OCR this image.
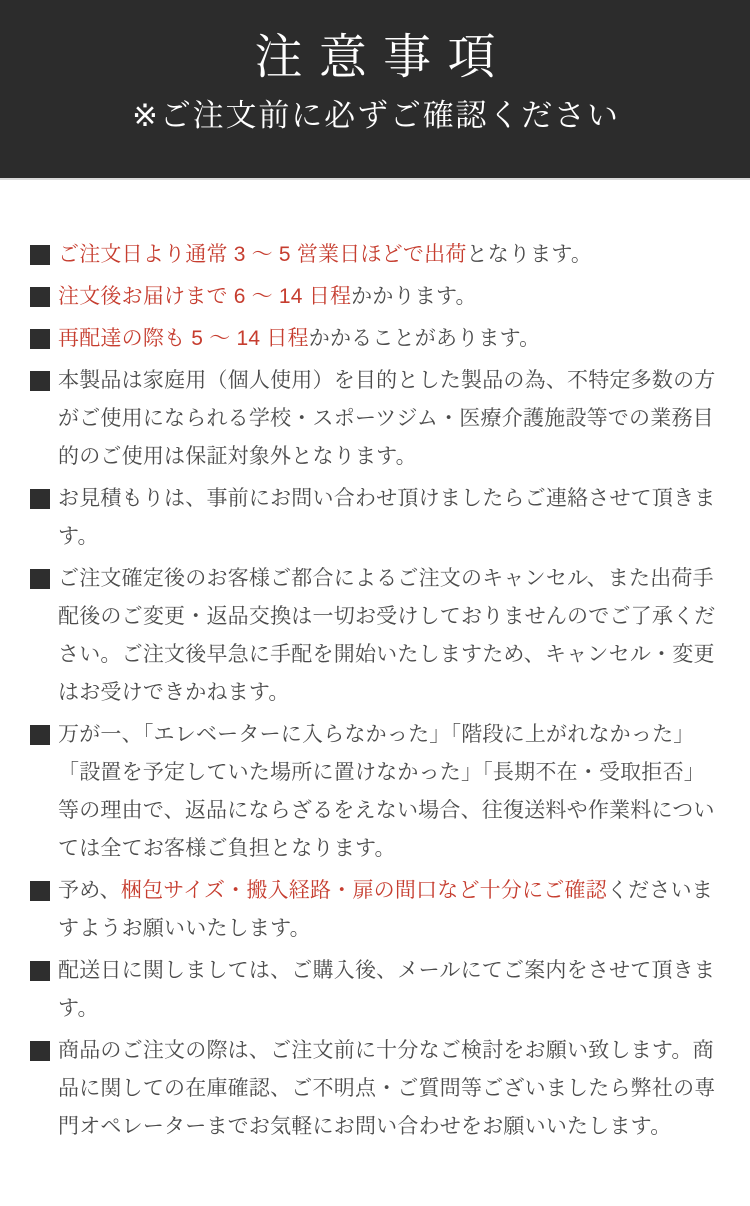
注意事項
※ご注文前に必ずご確認ください
ご注文日より通常 3 ～ 5 営業日ほどで出荷となります。
注文後お届けまで 6 ～ 14 日程かかります。
再配達の際も 5 ～ 14 日程かかることがあります。
本製品は家庭用（個人使用）を目的とした製品の為、不特定多数の方がご使用になられる学校・スポーツジム・医療介護施設等での業務目的のご使用は保証対象外となります。
お見積もりは、事前にお問い合わせ頂けましたらご連絡させて頂きます。
ご注文確定後のお客様ご都合によるご注文のキャンセル、また出荷手配後のご変更・返品交換は一切お受けしておりませんのでご了承ください。ご注文後早急に手配を開始いたしますため、キャンセル・変更はお受けできかねます。
万が一、「エレベーターに入らなかった」「階段に上がれなかった」「設置を予定していた場所に置けなかった」「長期不在・受取拒否」等の理由で、返品にならざるをえない場合、往復送料や作業料については全てお客様ご負担となります。
予め、梱包サイズ・搬入経路・扉の間口など十分にご確認くださいますようお願いいたします。
配送日に関しましては、ご購入後、メールにてご案内をさせて頂きます。
商品のご注文の際は、ご注文前に十分なご検討をお願い致します。商品に関しての在庫確認、ご不明点・ご質問等ございましたら弊社の専門オペレーターまでお気軽にお問い合わせをお願いいたします。
